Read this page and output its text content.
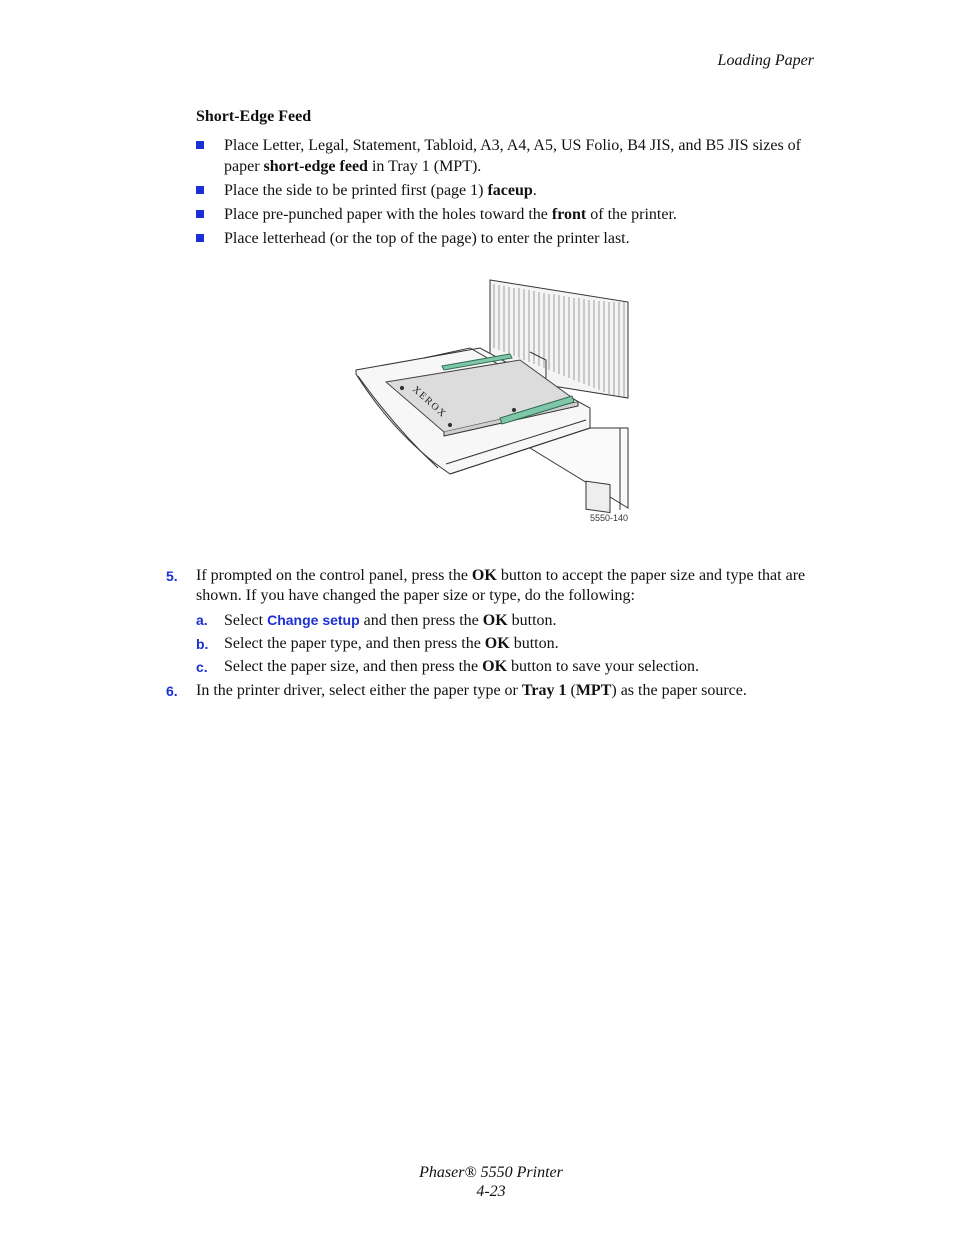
Loading Paper
Short-Edge Feed
Place Letter, Legal, Statement, Tabloid, A3, A4, A5, US Folio, B4 JIS, and B5 JIS sizes of paper short-edge feed in Tray 1 (MPT).
Place the side to be printed first (page 1) faceup.
Place pre-punched paper with the holes toward the front of the printer.
Place letterhead (or the top of the page) to enter the printer last.
XEROX
5550-140
5. If prompted on the control panel, press the OK button to accept the paper size and type that are shown. If you have changed the paper size or type, do the following:
a. Select Change setup and then press the OK button.
b. Select the paper type, and then press the OK button.
c. Select the paper size, and then press the OK button to save your selection.
6. In the printer driver, select either the paper type or Tray 1 (MPT) as the paper source.
Phaser® 5550 Printer
4-23
